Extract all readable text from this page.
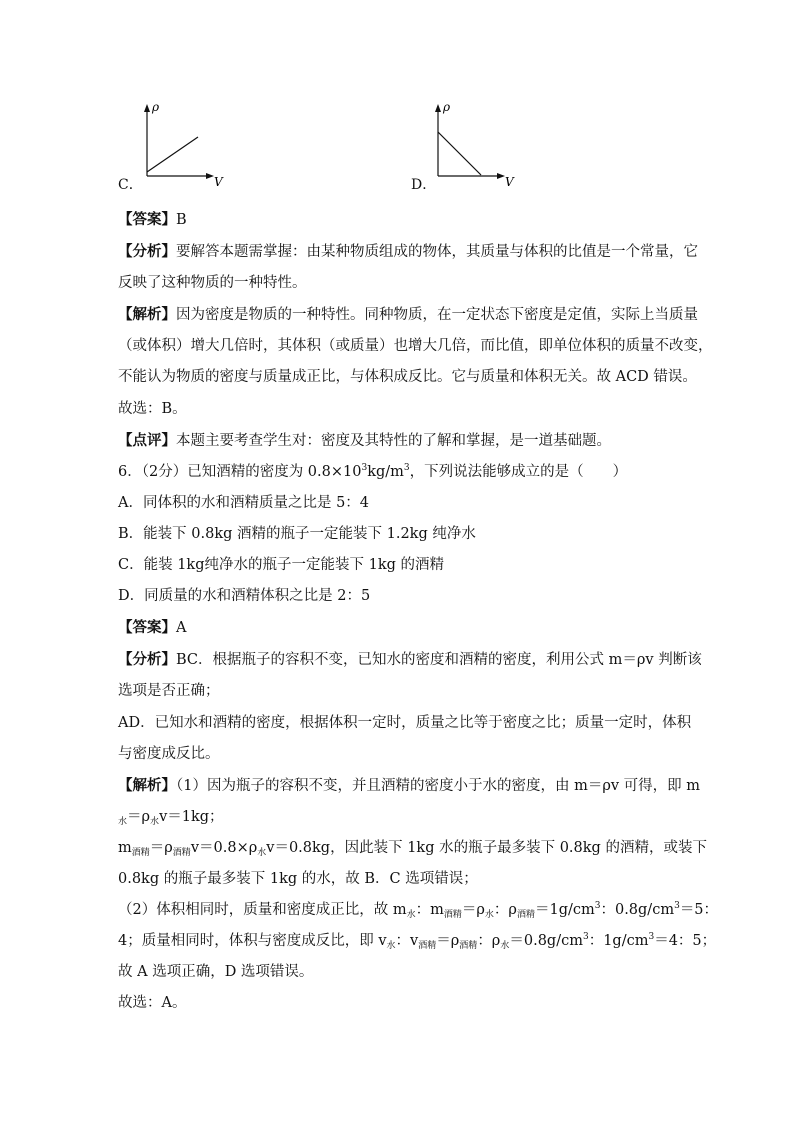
C．
ρ
V	D．
ρ
V

【答案】B

【分析】要解答本题需掌握：由某种物质组成的物体，其质量与体积的比值是一个常量，它

反映了这种物质的一种特性。

【解析】因为密度是物质的一种特性。同种物质，在一定状态下密度是定值，实际上当质量

（或体积）增大几倍时，其体积（或质量）也增大几倍，而比值，即单位体积的质量不改变，

不能认为物质的密度与质量成正比，与体积成反比。它与质量和体积无关。故 ACD 错误。

故选：B。

【点评】本题主要考查学生对：密度及其特性的了解和掌握，是一道基础题。

6．（2分）已知酒精的密度为 $0.8\times 10^3kg/m^3$，下列说法能够成立的是（　　）

A．同体积的水和酒精质量之比是 5：4

B．能装下 0.8kg 酒精的瓶子一定能装下 1.2kg 纯净水

C．能装 1kg纯净水的瓶子一定能装下 1kg 的酒精

D．同质量的水和酒精体积之比是 2：5

【答案】A

【分析】BC．根据瓶子的容积不变，已知水的密度和酒精的密度，利用公式 m＝ρv 判断该

选项是否正确；

AD．已知水和酒精的密度，根据体积一定时，质量之比等于密度之比；质量一定时，体积

与密度成反比。

【解析】（1）因为瓶子的容积不变，并且酒精的密度小于水的密度，由 m＝ρv 可得，即 m

$_水=\rho_水v=1kg$；

$m_{酒精}=\rho_{酒精}v=0.8\times\rho_水v=0.8kg$，因此装下 1kg 水的瓶子最多装下 0.8kg 的酒精，或装下

0.8kg 的瓶子最多装下 1kg 的水，故 B．C 选项错误；

（2）体积相同时，质量和密度成正比，故 $m_水$：$m_{酒精}=\rho_水$：$\rho_{酒精}=1g/cm^3$：$0.8g/cm^3=5$：

4；质量相同时，体积与密度成反比，即 $v_水$：$v_{酒精}=\rho_{酒精}$：$\rho_水=0.8g/cm^3$：$1g/cm^3=4$：5；

故 A 选项正确，D 选项错误。

故选：A。
